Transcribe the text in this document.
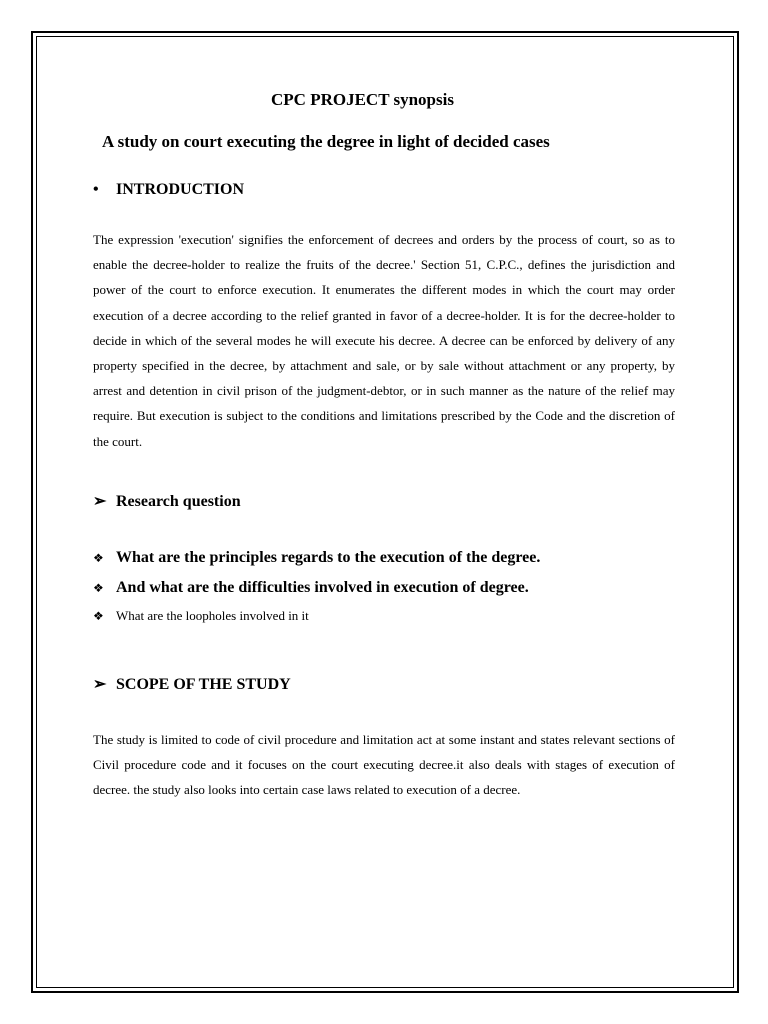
CPC PROJECT synopsis
A study on court executing the degree in light of decided cases
•	INTRODUCTION

The expression 'execution' signifies the enforcement of decrees and orders by the process of court, so as to enable the decree-holder to realize the fruits of the decree.' Section 51, C.P.C., defines the jurisdiction and power of the court to enforce execution. It enumerates the different modes in which the court may order execution of a decree according to the relief granted in favor of a decree-holder. It is for the decree-holder to decide in which of the several modes he will execute his decree. A decree can be enforced by delivery of any property specified in the decree, by attachment and sale, or by sale without attachment or any property, by arrest and detention in civil prison of the judgment-debtor, or in such manner as the nature of the relief may require. But execution is subject to the conditions and limitations prescribed by the Code and the discretion of the court.

➢ Research question
❖ What are the principles regards to the execution of the degree.
❖ And what are the difficulties involved in execution of degree.
❖ What are the loopholes involved in it
➢ SCOPE OF THE STUDY

The study is limited to code of civil procedure and limitation act at some instant and states relevant sections of Civil procedure code and it focuses on the court executing decree.it also deals with stages of execution of decree. the study also looks into certain case laws related to execution of a decree.
